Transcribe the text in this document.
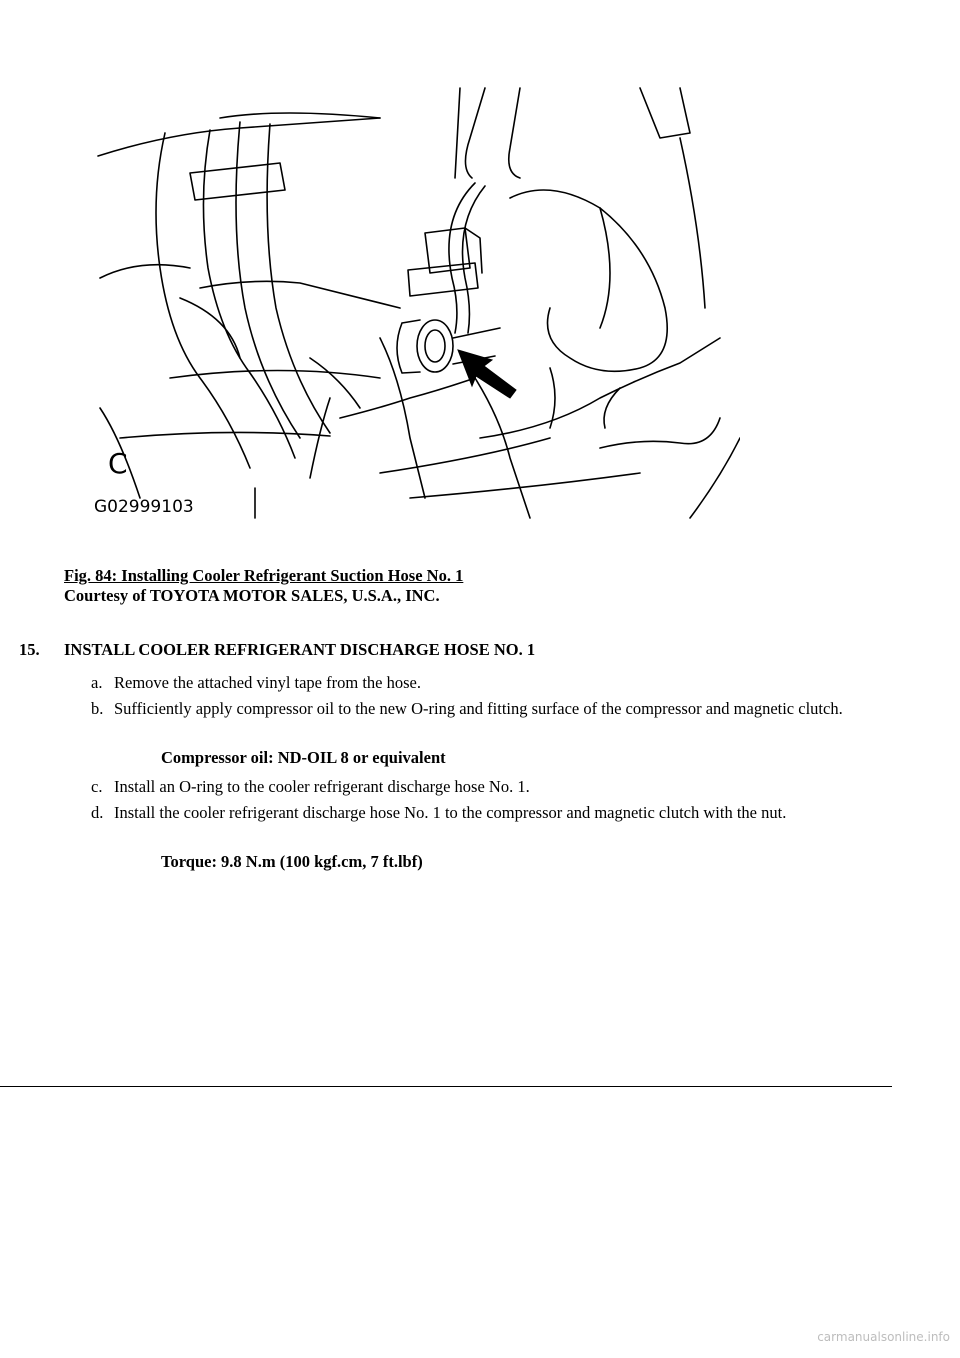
C
G02999103
Fig. 84: Installing Cooler Refrigerant Suction Hose No. 1
Courtesy of TOYOTA MOTOR SALES, U.S.A., INC.
15. INSTALL COOLER REFRIGERANT DISCHARGE HOSE NO. 1
a. Remove the attached vinyl tape from the hose.
b. Sufficiently apply compressor oil to the new O-ring and fitting surface of the compressor and magnetic clutch.
Compressor oil: ND-OIL 8 or equivalent
c. Install an O-ring to the cooler refrigerant discharge hose No. 1.
d. Install the cooler refrigerant discharge hose No. 1 to the compressor and magnetic clutch with the nut.
Torque: 9.8 N.m (100 kgf.cm, 7 ft.lbf)
carmanualsonline.info
